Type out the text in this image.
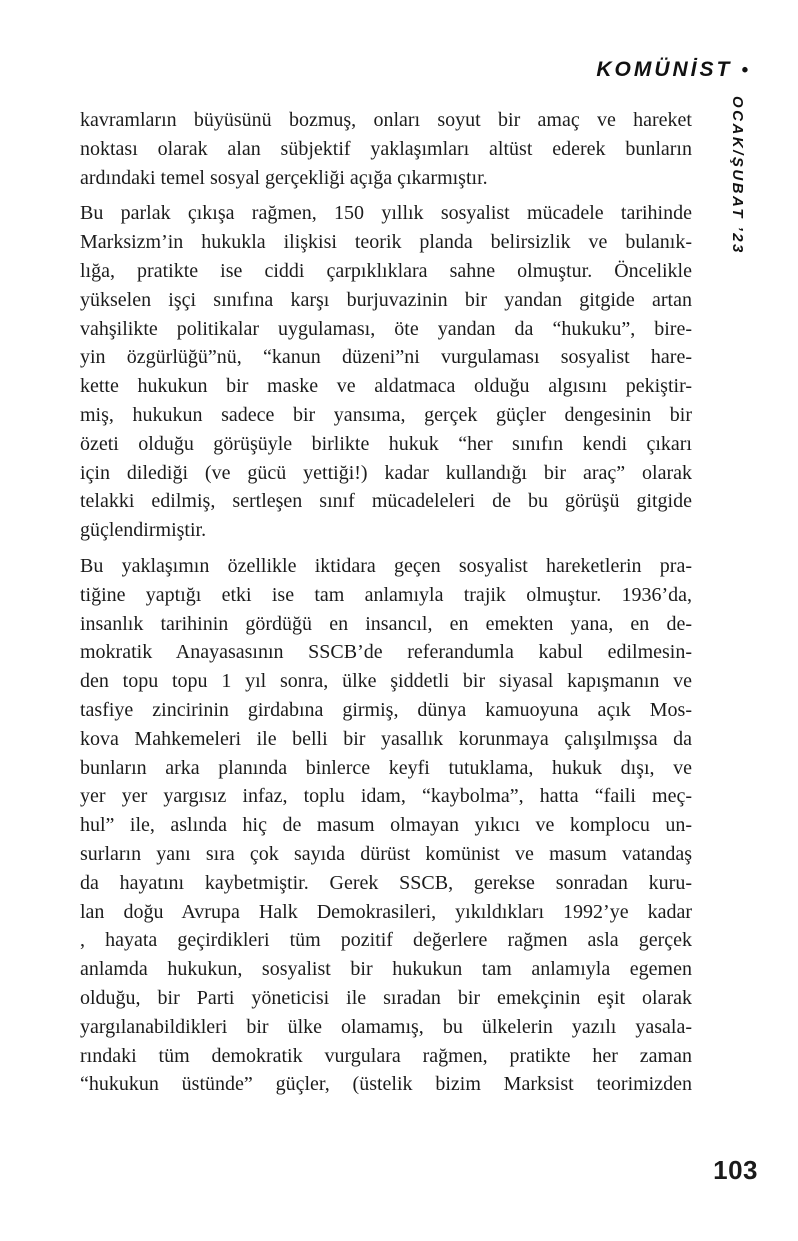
KOMÜNİST •
OCAK/ŞUBAT ’23

kavramların büyüsünü bozmuş, onları soyut bir amaç ve hareket
noktası olarak alan sübjektif yaklaşımları altüst ederek bunların
ardındaki temel sosyal gerçekliği açığa çıkarmıştır.

Bu parlak çıkışa rağmen, 150 yıllık sosyalist mücadele tarihinde
Marksizm’in hukukla ilişkisi teorik planda belirsizlik ve bulanık-
lığa, pratikte ise ciddi çarpıklıklara sahne olmuştur. Öncelikle
yükselen işçi sınıfına karşı burjuvazinin bir yandan gitgide artan
vahşilikte politikalar uygulaması, öte yandan da “hukuku”, bire-
yin özgürlüğü”nü, “kanun düzeni”ni vurgulaması sosyalist hare-
kette hukukun bir maske ve aldatmaca olduğu algısını pekiştir-
miş, hukukun sadece bir yansıma, gerçek güçler dengesinin bir
özeti olduğu görüşüyle birlikte hukuk “her sınıfın kendi çıkarı
için dilediği (ve gücü yettiği!) kadar kullandığı bir araç” olarak
telakki edilmiş, sertleşen sınıf mücadeleleri de bu görüşü gitgide
güçlendirmiştir.

Bu yaklaşımın özellikle iktidara geçen sosyalist hareketlerin pra-
tiğine yaptığı etki ise tam anlamıyla trajik olmuştur. 1936’da,
insanlık tarihinin gördüğü en insancıl, en emekten yana, en de-
mokratik Anayasasının SSCB’de referandumla kabul edilmesin-
den topu topu 1 yıl sonra, ülke şiddetli bir siyasal kapışmanın ve
tasfiye zincirinin girdabına girmiş, dünya kamuoyuna açık Mos-
kova Mahkemeleri ile belli bir yasallık korunmaya çalışılmışsa da
bunların arka planında binlerce keyfi tutuklama, hukuk dışı, ve
yer yer yargısız infaz, toplu idam, “kaybolma”, hatta “faili meç-
hul” ile, aslında hiç de masum olmayan yıkıcı ve komplocu un-
surların yanı sıra çok sayıda dürüst komünist ve masum vatandaş
da hayatını kaybetmiştir. Gerek SSCB, gerekse sonradan kuru-
lan doğu Avrupa Halk Demokrasileri, yıkıldıkları 1992’ye kadar
, hayata geçirdikleri tüm pozitif değerlere rağmen asla gerçek
anlamda hukukun, sosyalist bir hukukun tam anlamıyla egemen
olduğu, bir Parti yöneticisi ile sıradan bir emekçinin eşit olarak
yargılanabildikleri bir ülke olamamış, bu ülkelerin yazılı yasala-
rındaki tüm demokratik vurgulara rağmen, pratikte her zaman
“hukukun üstünde” güçler, (üstelik bizim Marksist teorimizden

103
